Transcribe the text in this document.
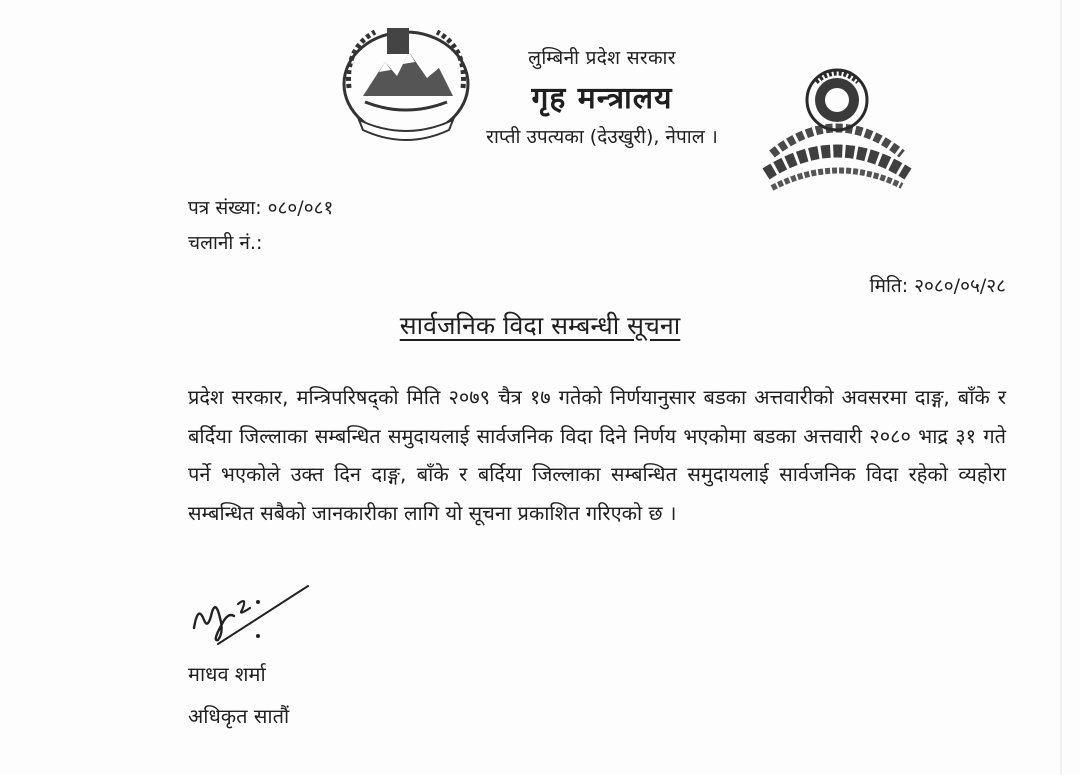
लुम्बिनी प्रदेश सरकार
गृह मन्त्रालय
राप्ती उपत्यका (देउखुरी), नेपाल ।
पत्र संख्या: ०८०/०८१
चलानी नं.:
मिति: २०८०/०५/२८
सार्वजनिक विदा सम्बन्धी सूचना
प्रदेश सरकार, मन्त्रिपरिषद्को मिति २०७९ चैत्र १७ गतेको निर्णयानुसार बडका अत्तवारीको अवसरमा दाङ्ग, बाँके र बर्दिया जिल्लाका सम्बन्धित समुदायलाई सार्वजनिक विदा दिने निर्णय भएकोमा बडका अत्तवारी २०८० भाद्र ३१ गते पर्ने भएकोले उक्त दिन दाङ्ग, बाँके र बर्दिया जिल्लाका सम्बन्धित समुदायलाई सार्वजनिक विदा रहेको व्यहोरा सम्बन्धित सबैको जानकारीका लागि यो सूचना प्रकाशित गरिएको छ ।
माधव शर्मा
अधिकृत सातौं
